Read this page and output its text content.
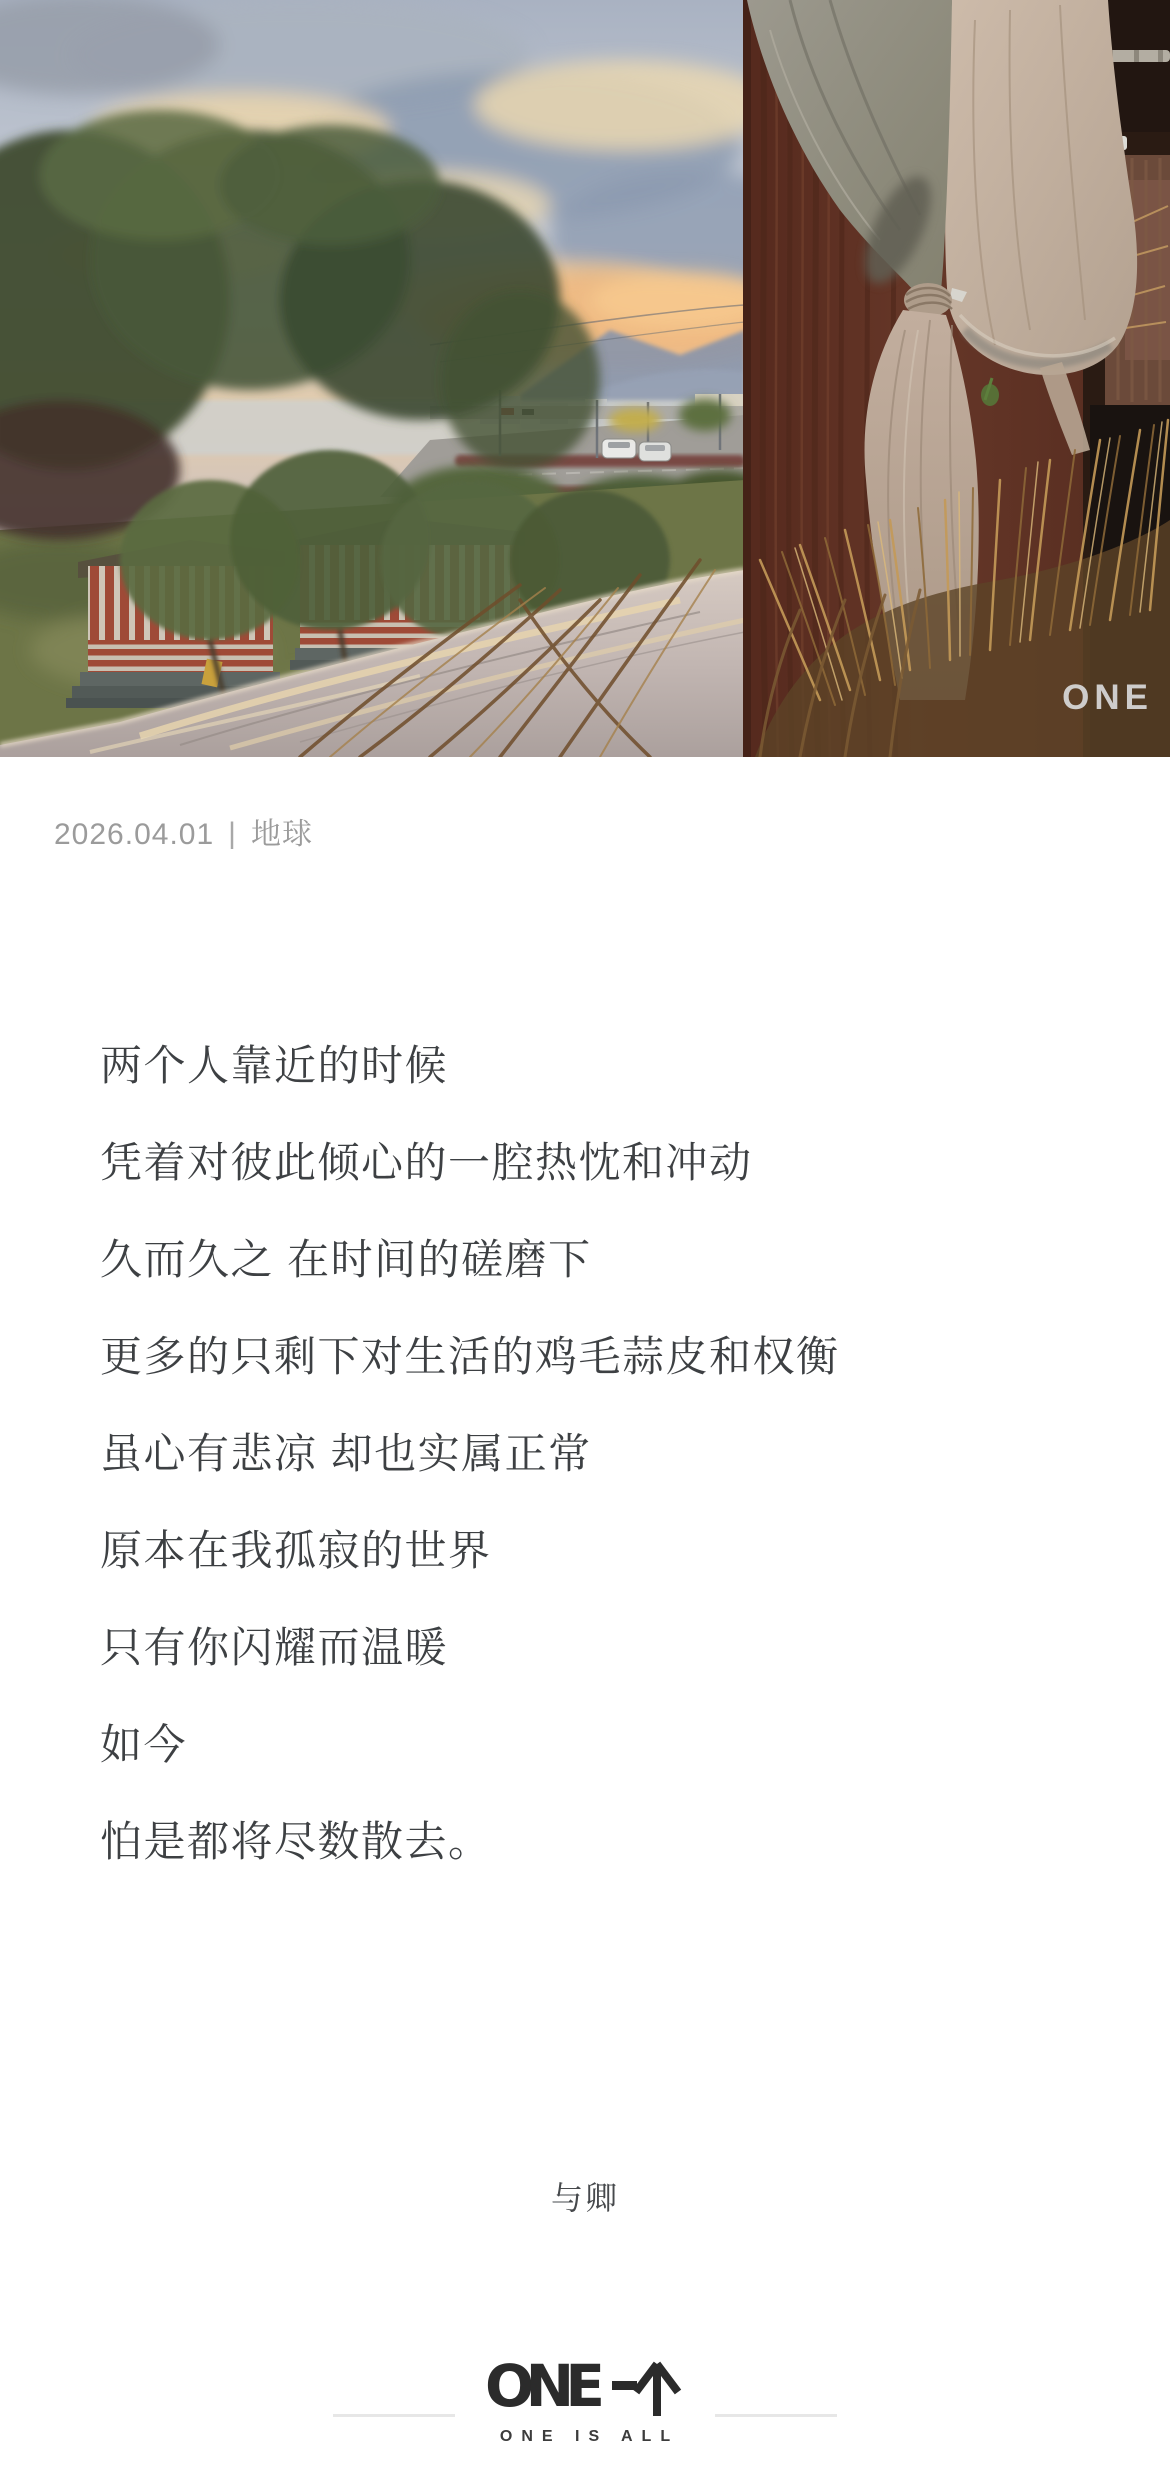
ONE
2026.04.01 | 地球

两个人靠近的时候

凭着对彼此倾心的一腔热忱和冲动

久而久之 在时间的磋磨下

更多的只剩下对生活的鸡毛蒜皮和权衡

虽心有悲凉 却也实属正常

原本在我孤寂的世界

只有你闪耀而温暖

如今

怕是都将尽数散去。

与卿
ONE
ONE IS ALL
